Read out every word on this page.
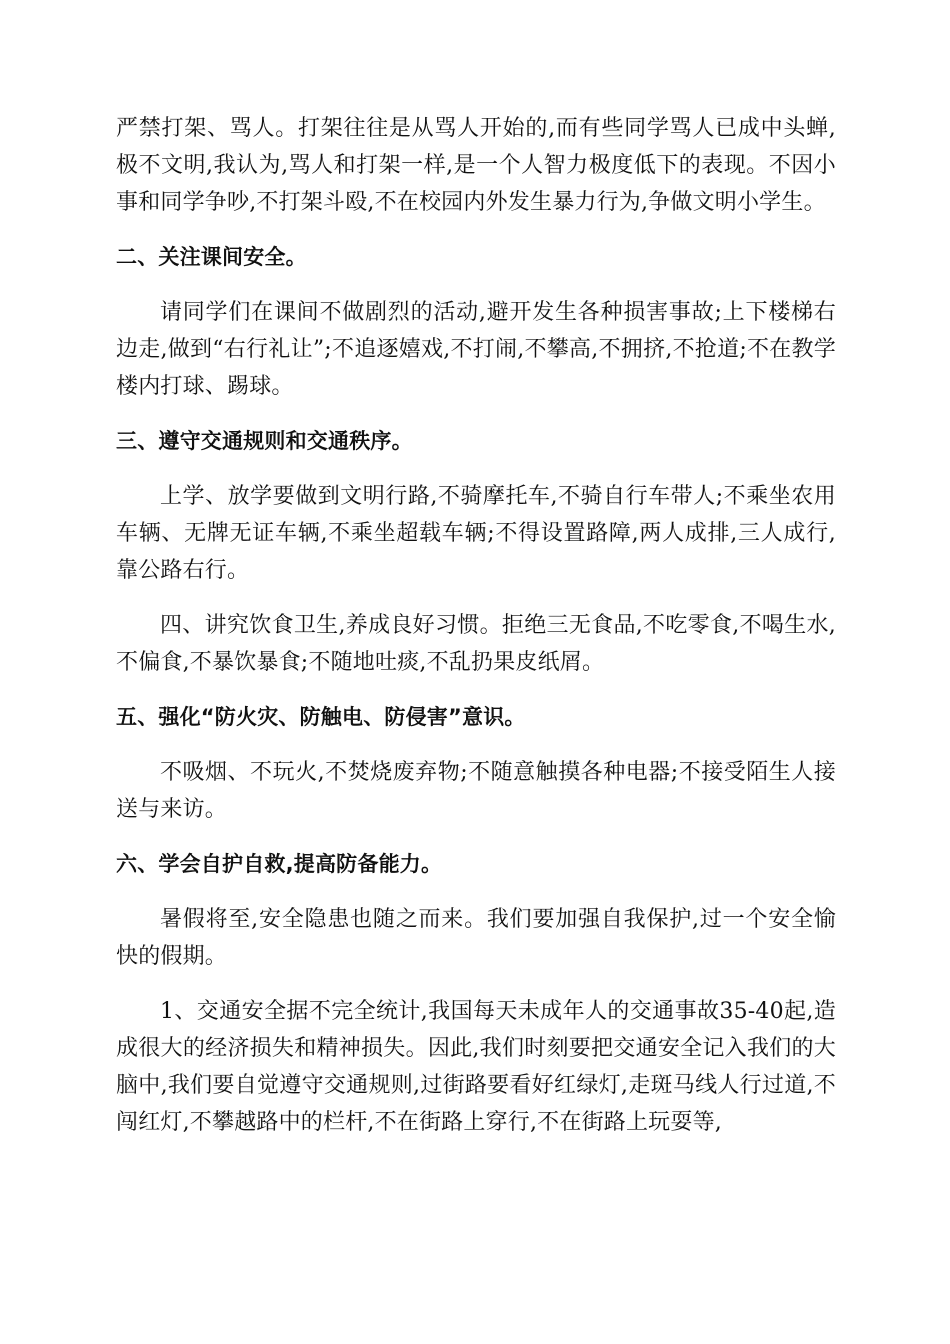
严禁打架、骂人。打架往往是从骂人开始的,而有些同学骂人已成中头蝉,极不文明,我认为,骂人和打架一样,是一个人智力极度低下的表现。不因小事和同学争吵,不打架斗殴,不在校园内外发生暴力行为,争做文明小学生。

二、关注课间安全。

请同学们在课间不做剧烈的活动,避开发生各种损害事故;上下楼梯右边走,做到“右行礼让”;不追逐嬉戏,不打闹,不攀高,不拥挤,不抢道;不在教学楼内打球、踢球。

三、遵守交通规则和交通秩序。

上学、放学要做到文明行路,不骑摩托车,不骑自行车带人;不乘坐农用车辆、无牌无证车辆,不乘坐超载车辆;不得设置路障,两人成排,三人成行,靠公路右行。

四、讲究饮食卫生,养成良好习惯。拒绝三无食品,不吃零食,不喝生水,不偏食,不暴饮暴食;不随地吐痰,不乱扔果皮纸屑。

五、强化“防火灾、防触电、防侵害”意识。

不吸烟、不玩火,不焚烧废弃物;不随意触摸各种电器;不接受陌生人接送与来访。

六、学会自护自救,提高防备能力。

暑假将至,安全隐患也随之而来。我们要加强自我保护,过一个安全愉快的假期。

1、交通安全据不完全统计,我国每天未成年人的交通事故35-40起,造成很大的经济损失和精神损失。因此,我们时刻要把交通安全记入我们的大脑中,我们要自觉遵守交通规则,过街路要看好红绿灯,走斑马线人行过道,不闯红灯,不攀越路中的栏杆,不在街路上穿行,不在街路上玩耍等,
